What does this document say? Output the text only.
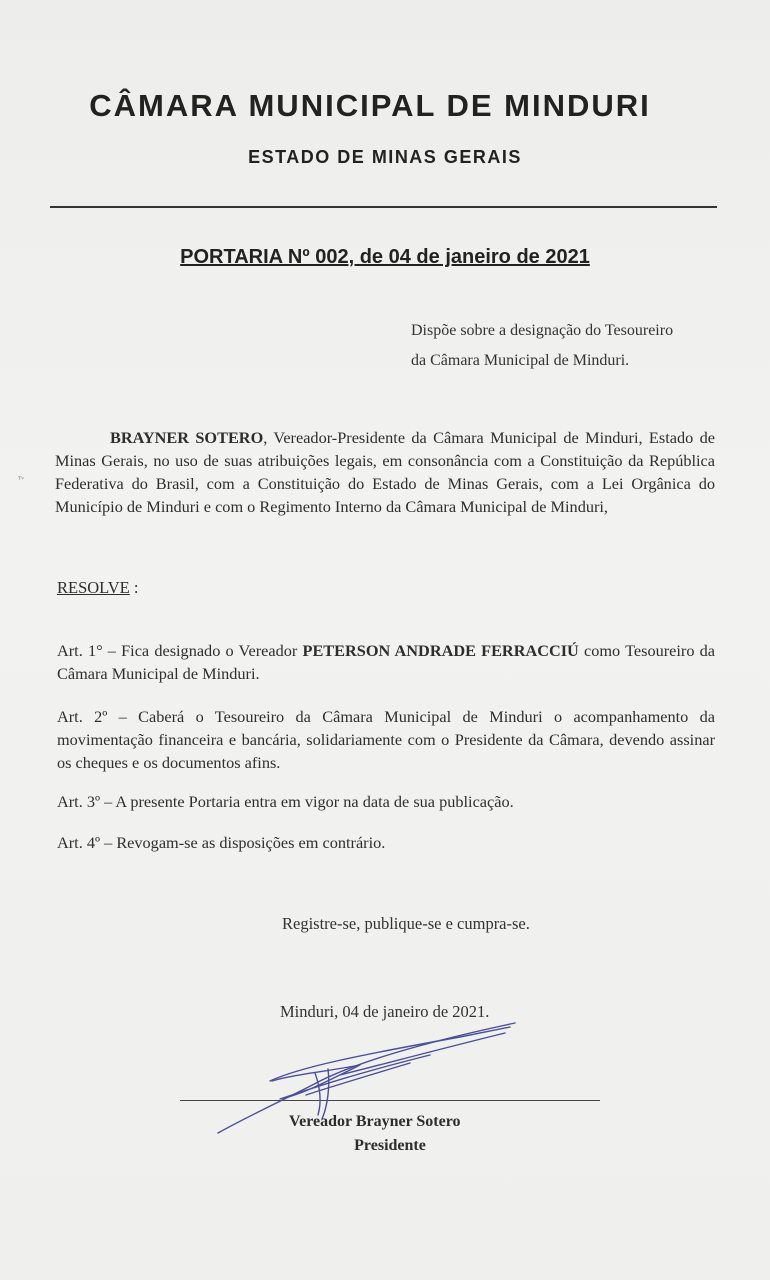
CÂMARA MUNICIPAL DE MINDURI
ESTADO DE MINAS GERAIS
PORTARIA Nº 002, de 04 de janeiro de 2021
Dispõe sobre a designação do Tesoureiro
da Câmara Municipal de Minduri.
ᵀᵛ
BRAYNER SOTERO, Vereador-Presidente da Câmara Municipal de Minduri, Estado de Minas Gerais, no uso de suas atribuições legais, em consonância com a Constituição da República Federativa do Brasil, com a Constituição do Estado de Minas Gerais, com a Lei Orgânica do Município de Minduri e com o Regimento Interno da Câmara Municipal de Minduri,
RESOLVE :
Art. 1° – Fica designado o Vereador PETERSON ANDRADE FERRACCIÚ como Tesoureiro da Câmara Municipal de Minduri.
Art. 2º – Caberá o Tesoureiro da Câmara Municipal de Minduri o acompanhamento da movimentação financeira e bancária, solidariamente com o Presidente da Câmara, devendo assinar os cheques e os documentos afins.
Art. 3º – A presente Portaria entra em vigor na data de sua publicação.
Art. 4º – Revogam-se as disposições em contrário.
Registre-se, publique-se e cumpra-se.
Minduri, 04 de janeiro de 2021.
Vereador Brayner Sotero
Presidente
